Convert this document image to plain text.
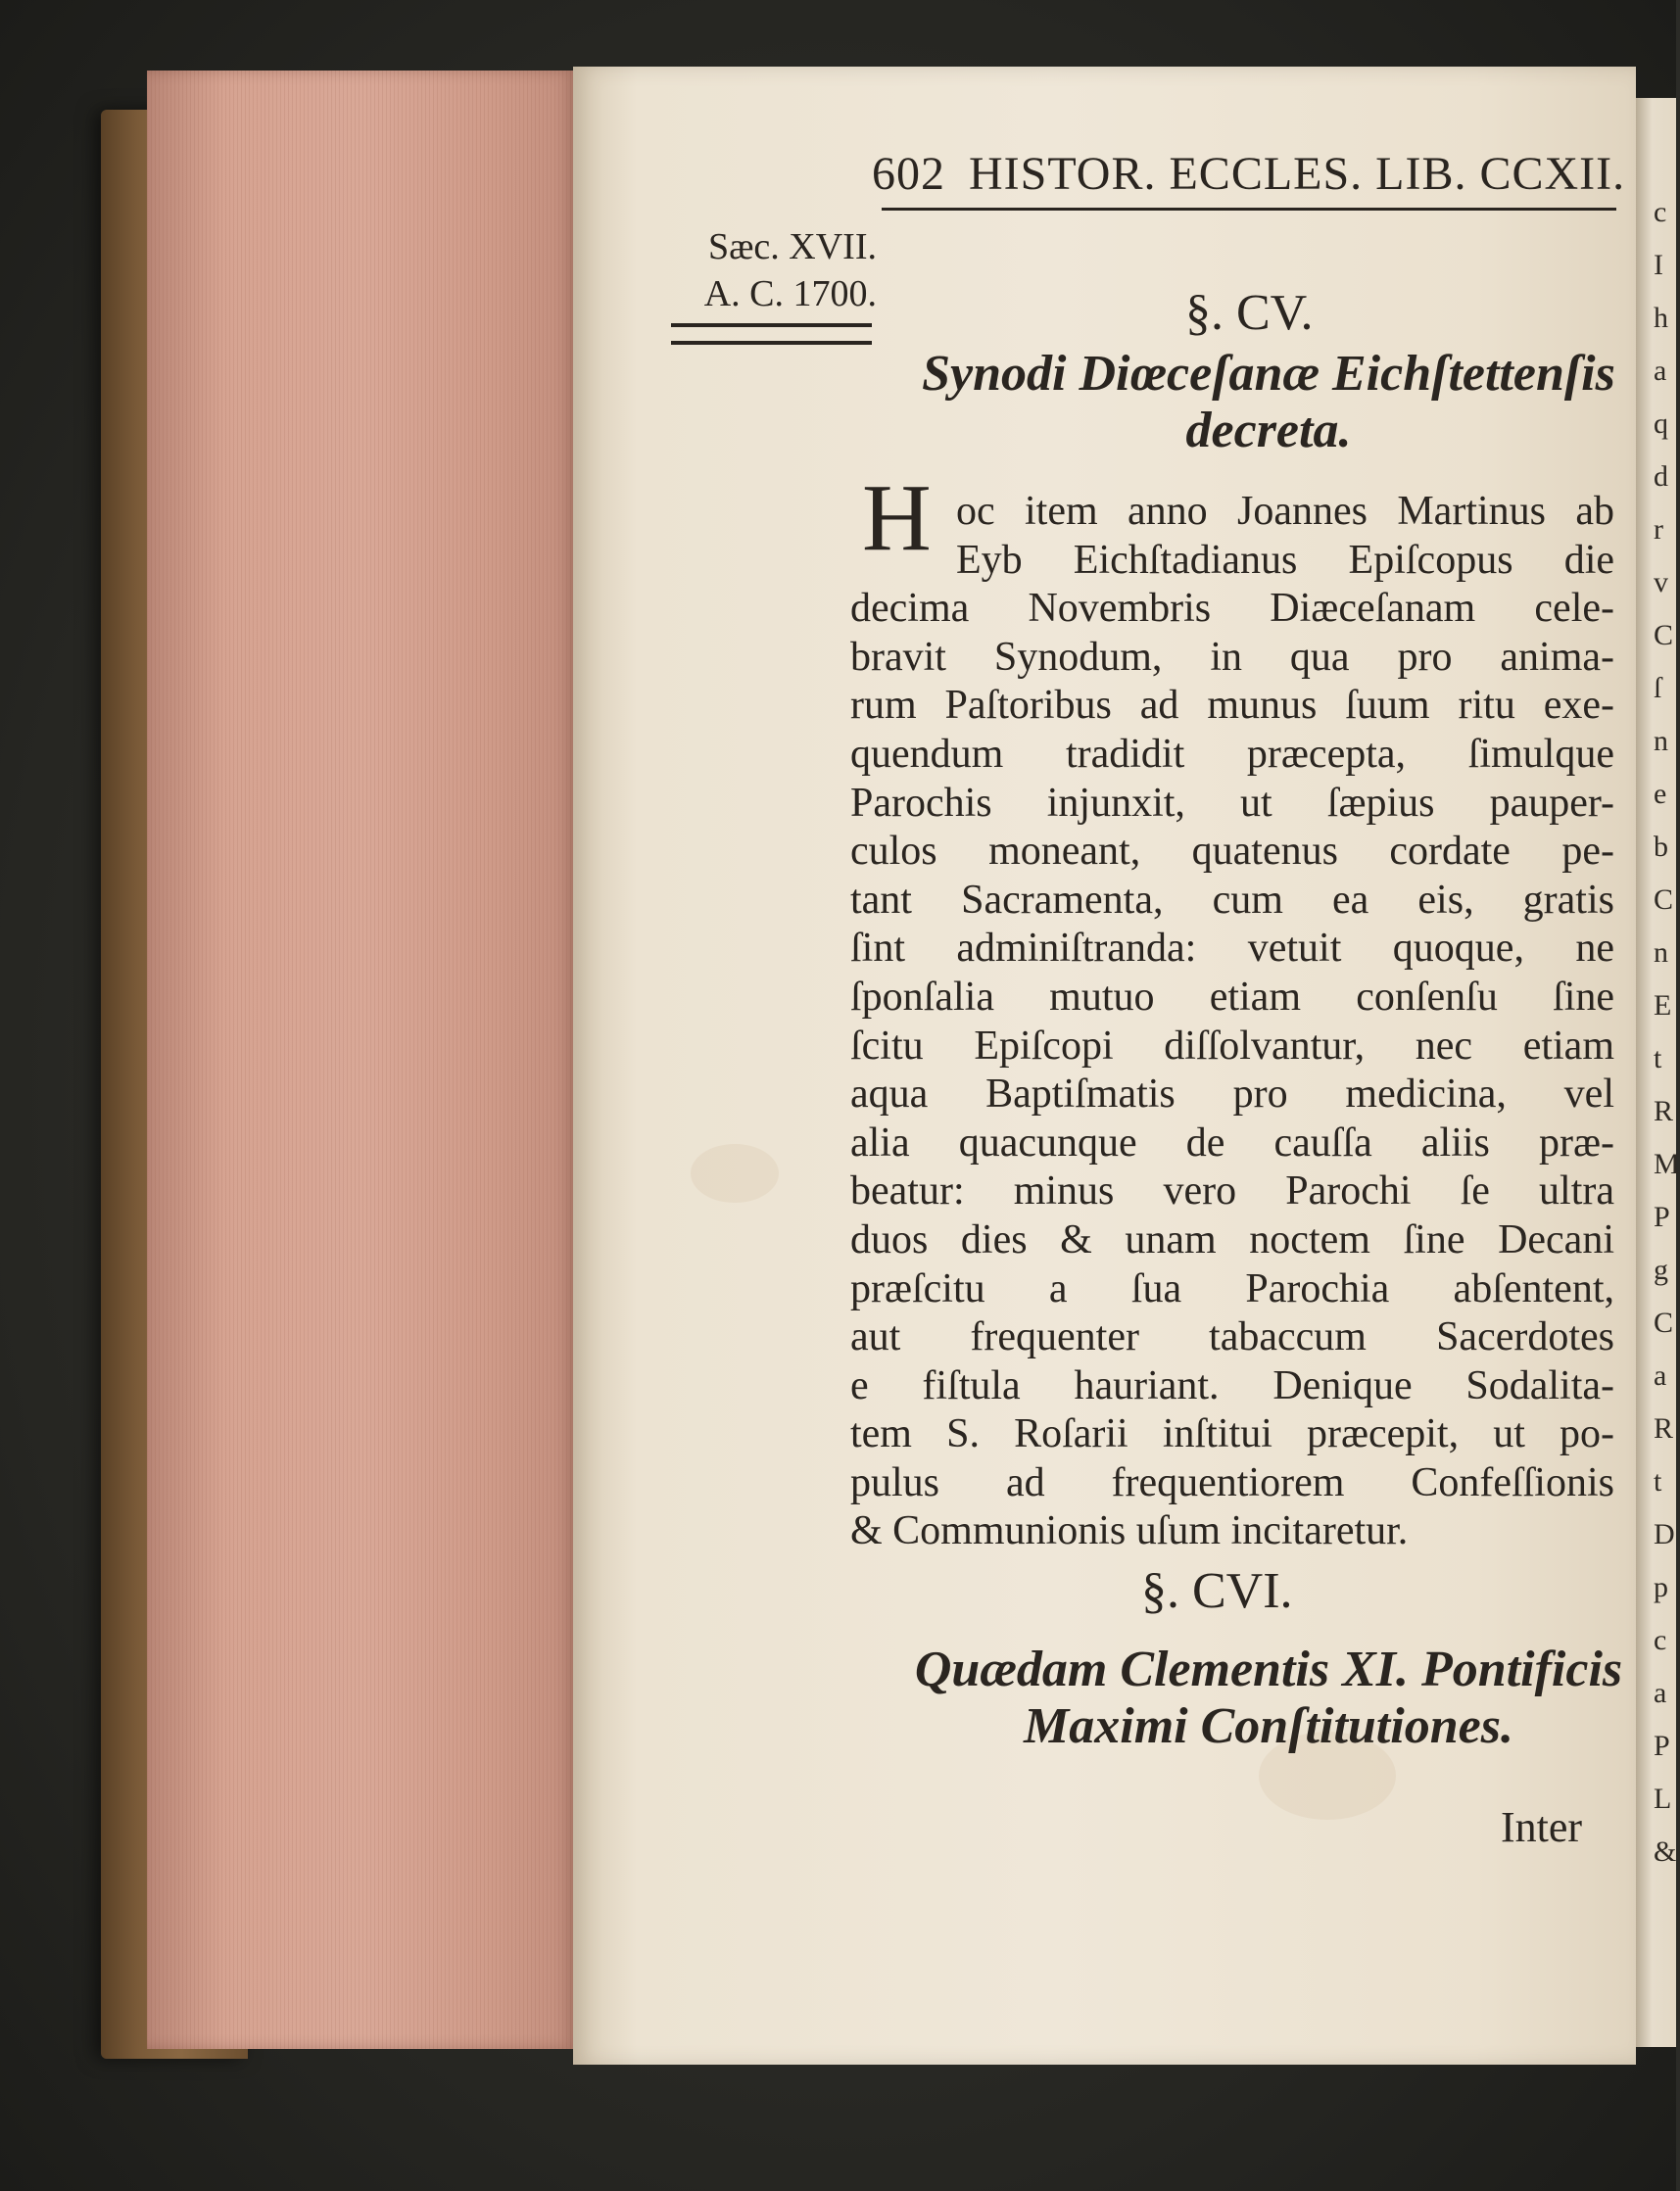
c
I
h
a
q
d
r
v
C
ſ
n
e
b
C
n
E
t
R
M
P
g
C
a
R
t
D
p
c
a
P
L
&
602 HISTOR. ECCLES. LIB. CCXII.
Sæc. XVII.
A. C. 1700.	§. CV.
Synodi Diœceſanæ Eichſtettenſis
decreta.
H oc item anno Joannes Martinus ab
Eyb Eichſtadianus Epiſcopus die
decima Novembris Diæceſanam cele-
bravit Synodum, in qua pro anima-
rum Paſtoribus ad munus ſuum ritu exe-
quendum tradidit præcepta, ſimulque
Parochis injunxit, ut ſæpius pauper-
culos moneant, quatenus cordate pe-
tant Sacramenta, cum ea eis, gratis
ſint adminiſtranda: vetuit quoque, ne
ſponſalia mutuo etiam conſenſu ſine
ſcitu Epiſcopi diſſolvantur, nec etiam
aqua Baptiſmatis pro medicina, vel
alia quacunque de cauſſa aliis præ-
beatur: minus vero Parochi ſe ultra
duos dies & unam noctem ſine Decani
præſcitu a ſua Parochia abſentent,
aut frequenter tabaccum Sacerdotes
e fiſtula hauriant. Denique Sodalita-
tem S. Roſarii inſtitui præcepit, ut po-
pulus ad frequentiorem Confeſſionis
& Communionis uſum incitaretur.
§. CVI.
Quædam Clementis XI. Pontificis
Maximi Conſtitutiones.
Inter
